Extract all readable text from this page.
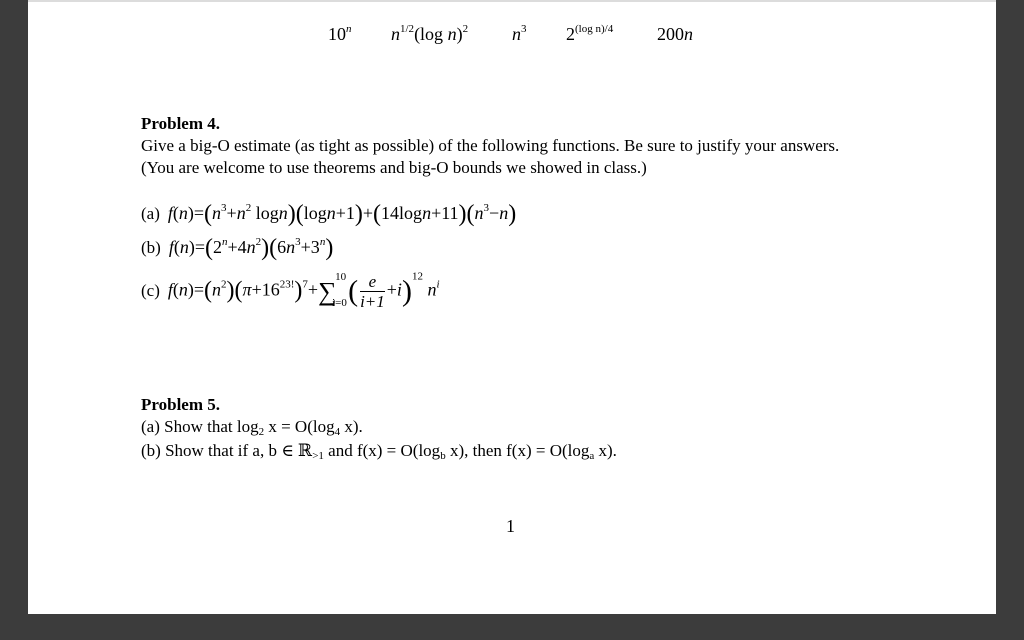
10$^n$ $n^{1/2}(\log$ n)$^2$ $n^3$ $2^{(log n)/4}$ 200n
Problem 4.
Give a big-O estimate (as tight as possible) of the following functions. Be sure to justify your answers. (You are welcome to use theorems and big-O bounds we showed in class.)
(a) $f(n)=(n^3+n^2$ $\log n)(\log n+1)+(14\log n+11)(n^3-n)$
(b) $f(n)=(2^n+4n^2)(6n^3+3^n)$
(c) $f(n)=(n^2)(\pi+16^{23!})^7+\sum$
10
i=0 ( $\frac{e}{i+1} +i)^{12}$ $n^i$
Problem 5.
(a) Show that log2 x = O(log4 x).
(b) Show that if a, b ∈ ℝ>1 and f(x) = O(logb x), then f(x) = O(loga x).
1
